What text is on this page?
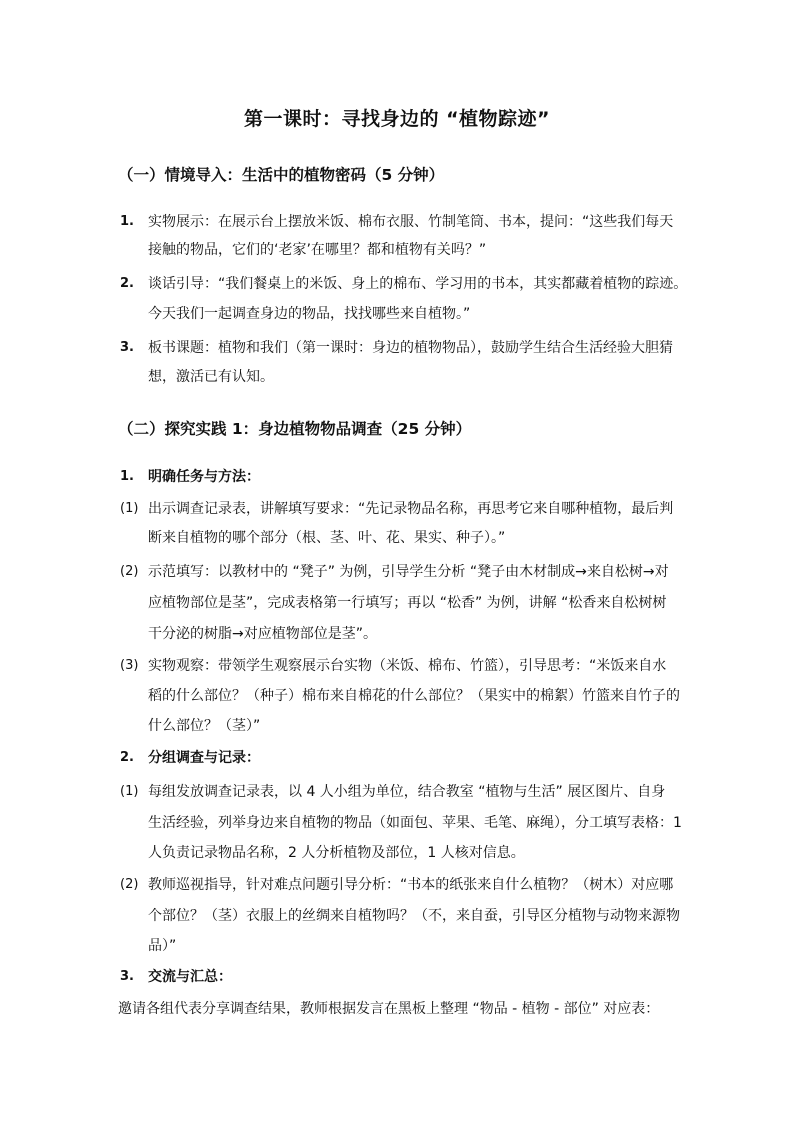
第一课时：寻找身边的 “植物踪迹”
（一）情境导入：生活中的植物密码（5 分钟）
1. 实物展示：在展示台上摆放米饭、棉布衣服、竹制笔筒、书本，提问：“这些我们每天
接触的物品，它们的‘老家’在哪里？都和植物有关吗？”
2. 谈话引导：“我们餐桌上的米饭、身上的棉布、学习用的书本，其实都藏着植物的踪迹。
今天我们一起调查身边的物品，找找哪些来自植物。”
3. 板书课题：植物和我们（第一课时：身边的植物物品），鼓励学生结合生活经验大胆猜
想，激活已有认知。
（二）探究实践 1：身边植物物品调查（25 分钟）
1. 明确任务与方法：
(1) 出示调查记录表，讲解填写要求：“先记录物品名称，再思考它来自哪种植物，最后判
断来自植物的哪个部分（根、茎、叶、花、果实、种子）。”
(2) 示范填写：以教材中的 “凳子” 为例，引导学生分析 “凳子由木材制成→来自松树→对
应植物部位是茎”，完成表格第一行填写；再以 “松香” 为例，讲解 “松香来自松树树
干分泌的树脂→对应植物部位是茎”。
(3) 实物观察：带领学生观察展示台实物（米饭、棉布、竹篮），引导思考：“米饭来自水
稻的什么部位？（种子）棉布来自棉花的什么部位？（果实中的棉絮）竹篮来自竹子的
什么部位？（茎）”
2. 分组调查与记录：
(1) 每组发放调查记录表，以 4 人小组为单位，结合教室 “植物与生活” 展区图片、自身
生活经验，列举身边来自植物的物品（如面包、苹果、毛笔、麻绳），分工填写表格：1
人负责记录物品名称，2 人分析植物及部位，1 人核对信息。
(2) 教师巡视指导，针对难点问题引导分析：“书本的纸张来自什么植物？（树木）对应哪
个部位？（茎）衣服上的丝绸来自植物吗？（不，来自蚕，引导区分植物与动物来源物
品）”
3. 交流与汇总：
邀请各组代表分享调查结果，教师根据发言在黑板上整理 “物品 - 植物 - 部位” 对应表：
